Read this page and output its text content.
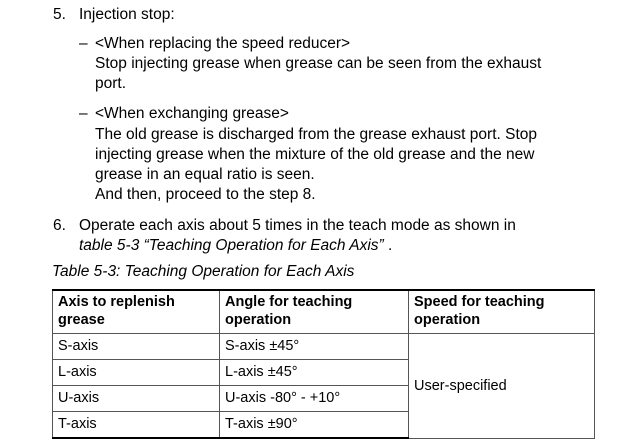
5. Injection stop:
– <When replacing the speed reducer>
Stop injecting grease when grease can be seen from the exhaust
port.
– <When exchanging grease>
The old grease is discharged from the grease exhaust port. Stop
injecting grease when the mixture of the old grease and the new
grease in an equal ratio is seen.
And then, proceed to the step 8.
6. Operate each axis about 5 times in the teach mode as shown in
table 5-3 “Teaching Operation for Each Axis” .
Table 5-3: Teaching Operation for Each Axis
Axis to replenish
grease	Angle for teaching
operation	Speed for teaching
operation
S-axis	S-axis ±45°	User-specified
L-axis	L-axis ±45°	
U-axis	U-axis -80° - +10°	
T-axis	T-axis ±90°	
